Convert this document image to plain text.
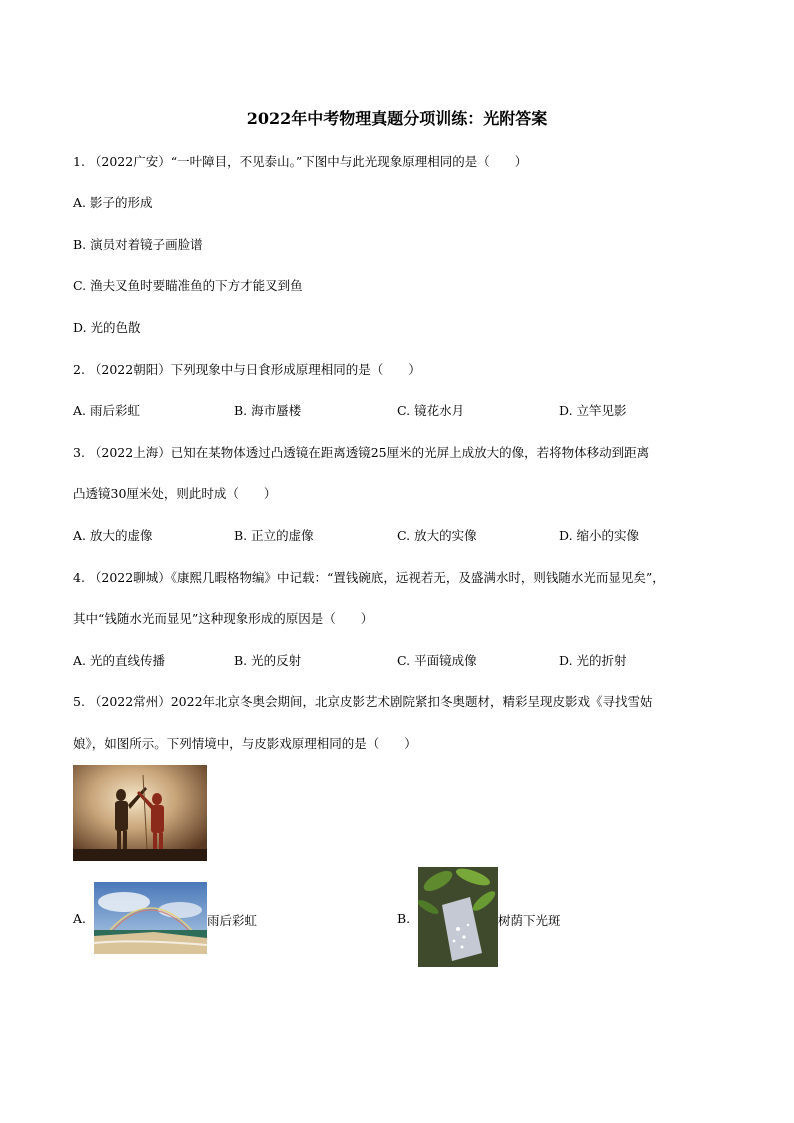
2022年中考物理真题分项训练：光附答案
1. （2022广安）“一叶障目，不见泰山。”下图中与此光现象原理相同的是（　　）
A. 影子的形成
B. 演员对着镜子画脸谱
C. 渔夫叉鱼时要瞄准鱼的下方才能叉到鱼
D. 光的色散
2. （2022朝阳）下列现象中与日食形成原理相同的是（　　）
A. 雨后彩虹	B. 海市蜃楼	C. 镜花水月	D. 立竿见影
3. （2022上海）已知在某物体透过凸透镜在距离透镜25厘米的光屏上成放大的像，若将物体移动到距离
凸透镜30厘米处，则此时成（　　）
A. 放大的虚像	B. 正立的虚像	C. 放大的实像	D. 缩小的实像
4. （2022聊城）《康熙几暇格物编》中记载：“置钱碗底，远视若无，及盛满水时，则钱随水光而显见矣”，
其中“钱随水光而显见”这种现象形成的原因是（　　）
A. 光的直线传播	B. 光的反射	C. 平面镜成像	D. 光的折射
5. （2022常州）2022年北京冬奥会期间，北京皮影艺术剧院紧扣冬奥题材，精彩呈现皮影戏《寻找雪姑
娘》，如图所示。下列情境中，与皮影戏原理相同的是（　　）
A.	雨后彩虹	B.	树荫下光斑
